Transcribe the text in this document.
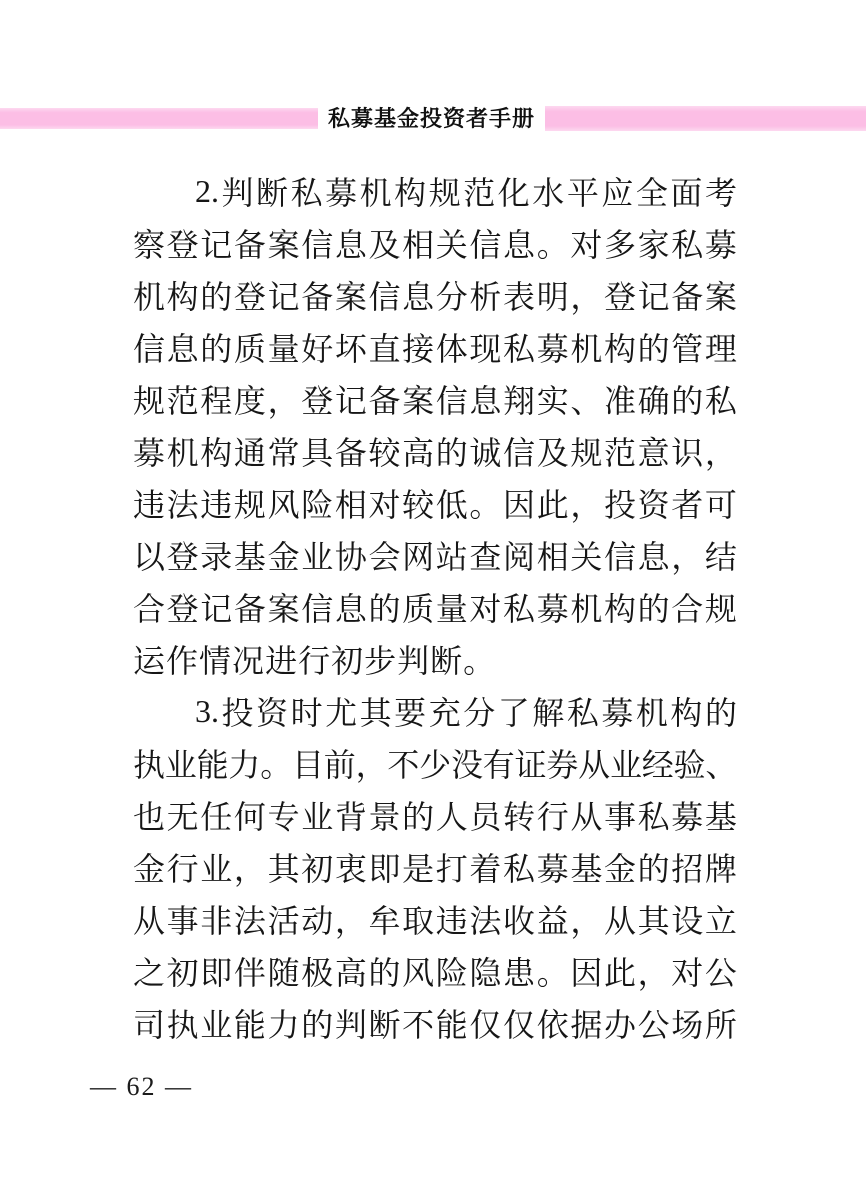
私募基金投资者手册
2. 判 断 私 募 机 构 规 范 化 水 平 应 全 面 考
察 登 记 备 案 信 息 及 相 关 信 息 。 对 多 家 私 募
机 构 的 登 记 备 案 信 息 分 析 表 明 ， 登 记 备 案
信 息 的 质 量 好 坏 直 接 体 现 私 募 机 构 的 管 理
规 范 程 度 ， 登 记 备 案 信 息 翔 实 、 准 确 的 私
募 机 构 通 常 具 备 较 高 的 诚 信 及 规 范 意 识 ，
违 法 违 规 风 险 相 对 较 低 。 因 此 ， 投 资 者 可
以 登 录 基 金 业 协 会 网 站 查 阅 相 关 信 息 ， 结
合 登 记 备 案 信 息 的 质 量 对 私 募 机 构 的 合 规
运 作 情 况 进 行 初 步 判 断 。
3. 投 资 时 尤 其 要 充 分 了 解 私 募 机 构 的
执 业 能 力 。 目 前 ， 不 少 没 有 证 券 从 业 经 验 、
也 无 任 何 专 业 背 景 的 人 员 转 行 从 事 私 募 基
金 行 业 ， 其 初 衷 即 是 打 着 私 募 基 金 的 招 牌
从 事 非 法 活 动 ， 牟 取 违 法 收 益 ， 从 其 设 立
之 初 即 伴 随 极 高 的 风 险 隐 患 。 因 此 ， 对 公
司 执 业 能 力 的 判 断 不 能 仅 仅 依 据 办 公 场 所
— 62 —
